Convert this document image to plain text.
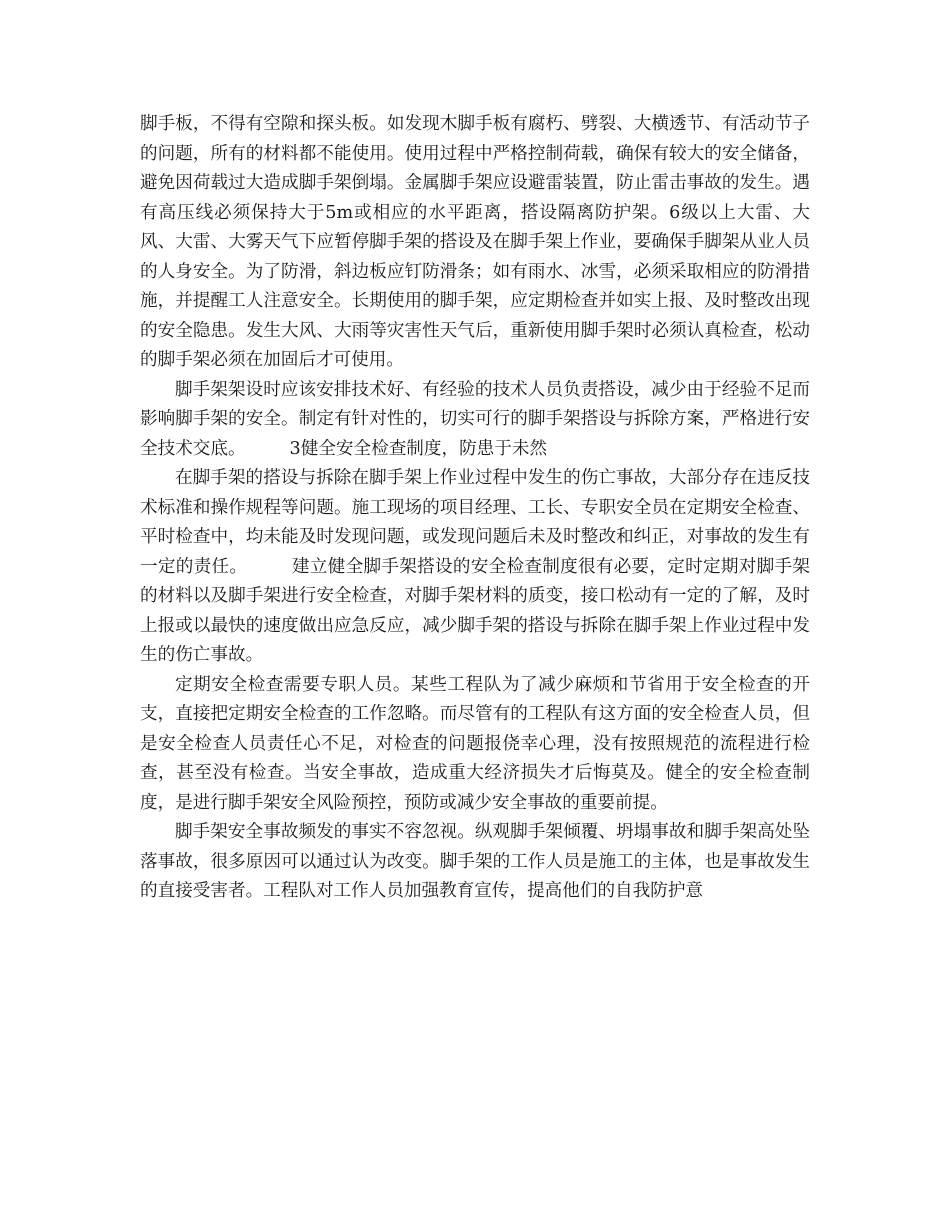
脚手板，不得有空隙和探头板。如发现木脚手板有腐朽、劈裂、大横透节、有活动节子的问题，所有的材料都不能使用。使用过程中严格控制荷载，确保有较大的安全储备，避免因荷载过大造成脚手架倒塌。金属脚手架应设避雷装置，防止雷击事故的发生。遇有高压线必须保持大于5m或相应的水平距离，搭设隔离防护架。6级以上大雷、大风、大雷、大雾天气下应暂停脚手架的搭设及在脚手架上作业，要确保手脚架从业人员的人身安全。为了防滑，斜边板应钉防滑条；如有雨水、冰雪，必须采取相应的防滑措施，并提醒工人注意安全。长期使用的脚手架，应定期检查并如实上报、及时整改出现的安全隐患。发生大风、大雨等灾害性天气后，重新使用脚手架时必须认真检查，松动的脚手架必须在加固后才可使用。

脚手架架设时应该安排技术好、有经验的技术人员负责搭设，减少由于经验不足而影响脚手架的安全。制定有针对性的，切实可行的脚手架搭设与拆除方案，严格进行安全技术交底。　　　3健全安全检查制度，防患于未然

在脚手架的搭设与拆除在脚手架上作业过程中发生的伤亡事故，大部分存在违反技术标准和操作规程等问题。施工现场的项目经理、工长、专职安全员在定期安全检查、平时检查中，均未能及时发现问题，或发现问题后未及时整改和纠正，对事故的发生有一定的责任。　　　建立健全脚手架搭设的安全检查制度很有必要，定时定期对脚手架的材料以及脚手架进行安全检查，对脚手架材料的质变，接口松动有一定的了解，及时上报或以最快的速度做出应急反应，减少脚手架的搭设与拆除在脚手架上作业过程中发生的伤亡事故。

定期安全检查需要专职人员。某些工程队为了减少麻烦和节省用于安全检查的开支，直接把定期安全检查的工作忽略。而尽管有的工程队有这方面的安全检查人员，但是安全检查人员责任心不足，对检查的问题报侥幸心理，没有按照规范的流程进行检查，甚至没有检查。当安全事故，造成重大经济损失才后悔莫及。健全的安全检查制度，是进行脚手架安全风险预控，预防或减少安全事故的重要前提。

脚手架安全事故频发的事实不容忽视。纵观脚手架倾覆、坍塌事故和脚手架高处坠落事故，很多原因可以通过认为改变。脚手架的工作人员是施工的主体，也是事故发生的直接受害者。工程队对工作人员加强教育宣传，提高他们的自我防护意
